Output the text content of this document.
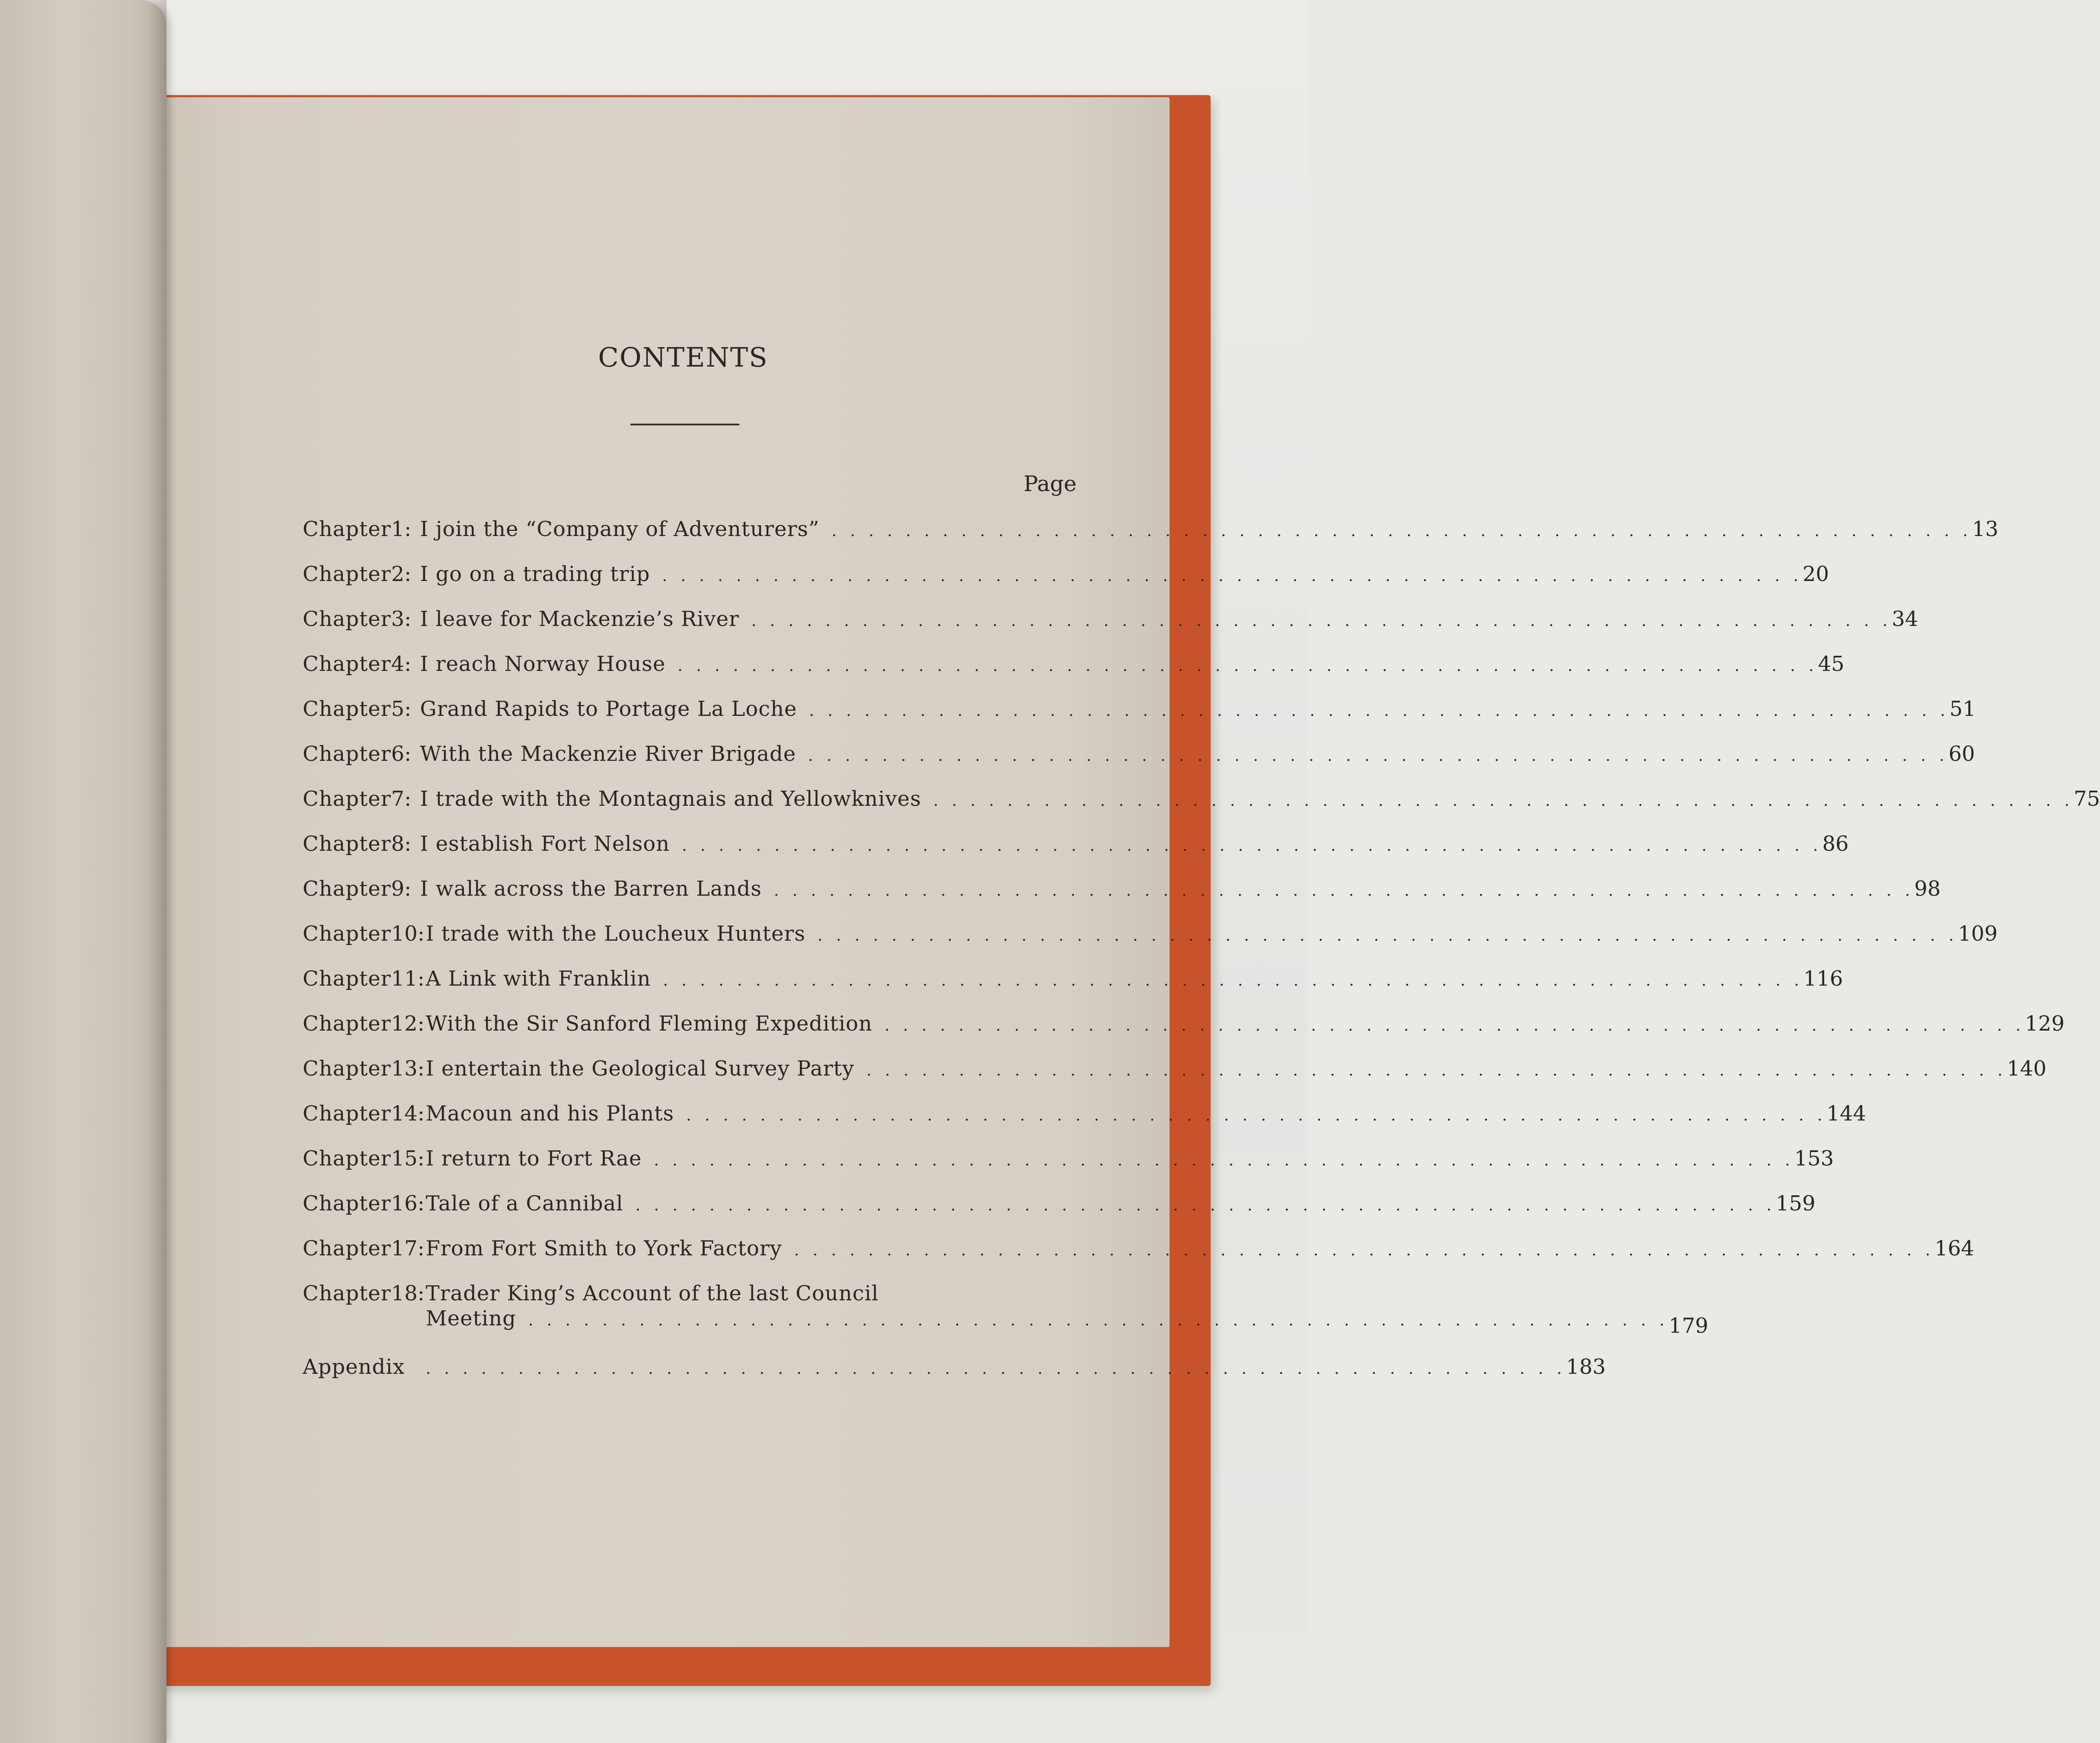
CONTENTS
Page
Chapter 1: I join the “Company of Adventurers” . . . . . . . . . . . . . . . . . . . . . . . . . . . . . . . . . . . . . . . . . . . . . . . . . . . . . . . . . . . . . . 13
Chapter 2: I go on a trading trip . . . . . . . . . . . . . . . . . . . . . . . . . . . . . . . . . . . . . . . . . . . . . . . . . . . . . . . . . . . . . . 20
Chapter 3: I leave for Mackenzie’s River . . . . . . . . . . . . . . . . . . . . . . . . . . . . . . . . . . . . . . . . . . . . . . . . . . . . . . . . . . . . . . 34
Chapter 4: I reach Norway House . . . . . . . . . . . . . . . . . . . . . . . . . . . . . . . . . . . . . . . . . . . . . . . . . . . . . . . . . . . . . . 45
Chapter 5: Grand Rapids to Portage La Loche . . . . . . . . . . . . . . . . . . . . . . . . . . . . . . . . . . . . . . . . . . . . . . . . . . . . . . . . . . . . . . 51
Chapter 6: With the Mackenzie River Brigade . . . . . . . . . . . . . . . . . . . . . . . . . . . . . . . . . . . . . . . . . . . . . . . . . . . . . . . . . . . . . . 60
Chapter 7: I trade with the Montagnais and Yellowknives . . . . . . . . . . . . . . . . . . . . . . . . . . . . . . . . . . . . . . . . . . . . . . . . . . . . . . . . . . . . . . 75
Chapter 8: I establish Fort Nelson . . . . . . . . . . . . . . . . . . . . . . . . . . . . . . . . . . . . . . . . . . . . . . . . . . . . . . . . . . . . . . 86
Chapter 9: I walk across the Barren Lands . . . . . . . . . . . . . . . . . . . . . . . . . . . . . . . . . . . . . . . . . . . . . . . . . . . . . . . . . . . . . . 98
Chapter 10: I trade with the Loucheux Hunters . . . . . . . . . . . . . . . . . . . . . . . . . . . . . . . . . . . . . . . . . . . . . . . . . . . . . . . . . . . . . . 109
Chapter 11: A Link with Franklin . . . . . . . . . . . . . . . . . . . . . . . . . . . . . . . . . . . . . . . . . . . . . . . . . . . . . . . . . . . . . . 116
Chapter 12: With the Sir Sanford Fleming Expedition . . . . . . . . . . . . . . . . . . . . . . . . . . . . . . . . . . . . . . . . . . . . . . . . . . . . . . . . . . . . . . 129
Chapter 13: I entertain the Geological Survey Party . . . . . . . . . . . . . . . . . . . . . . . . . . . . . . . . . . . . . . . . . . . . . . . . . . . . . . . . . . . . . . 140
Chapter 14: Macoun and his Plants . . . . . . . . . . . . . . . . . . . . . . . . . . . . . . . . . . . . . . . . . . . . . . . . . . . . . . . . . . . . . . 144
Chapter 15: I return to Fort Rae . . . . . . . . . . . . . . . . . . . . . . . . . . . . . . . . . . . . . . . . . . . . . . . . . . . . . . . . . . . . . . 153
Chapter 16: Tale of a Cannibal . . . . . . . . . . . . . . . . . . . . . . . . . . . . . . . . . . . . . . . . . . . . . . . . . . . . . . . . . . . . . . 159
Chapter 17: From Fort Smith to York Factory . . . . . . . . . . . . . . . . . . . . . . . . . . . . . . . . . . . . . . . . . . . . . . . . . . . . . . . . . . . . . . 164
Chapter 18: Trader King’s Account of the last Council
Meeting . . . . . . . . . . . . . . . . . . . . . . . . . . . . . . . . . . . . . . . . . . . . . . . . . . . . . . . . . . . . . . 179
Appendix	. . . . . . . . . . . . . . . . . . . . . . . . . . . . . . . . . . . . . . . . . . . . . . . . . . . . . . . . . . . . . . 183
